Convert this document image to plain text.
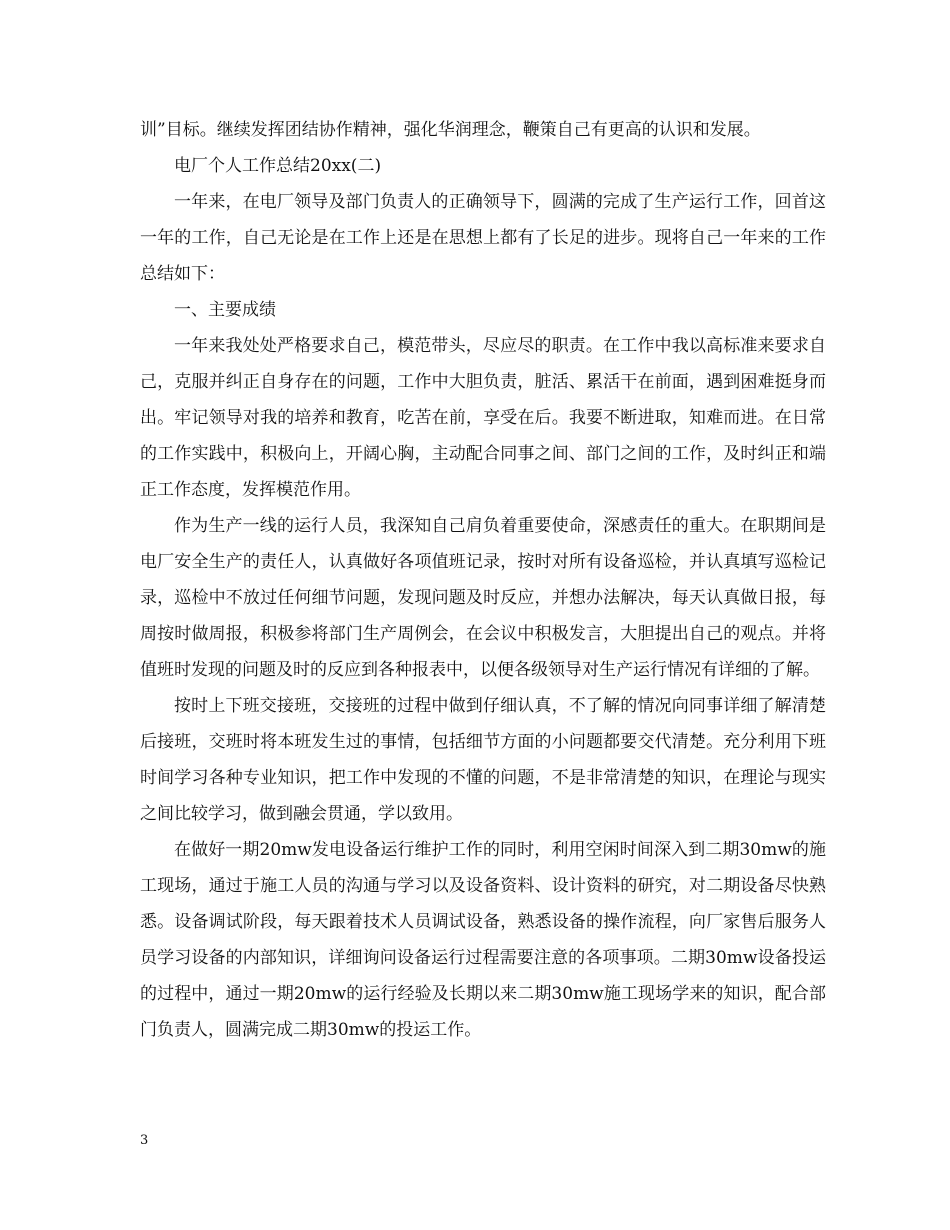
训”目标。继续发挥团结协作精神，强化华润理念，鞭策自己有更高的认识和发展。

电厂个人工作总结20xx(二)

一年来，在电厂领导及部门负责人的正确领导下，圆满的完成了生产运行工作，回首这一年的工作，自己无论是在工作上还是在思想上都有了长足的进步。现将自己一年来的工作总结如下：

一、主要成绩

一年来我处处严格要求自己，模范带头，尽应尽的职责。在工作中我以高标准来要求自己，克服并纠正自身存在的问题，工作中大胆负责，脏活、累活干在前面，遇到困难挺身而出。牢记领导对我的培养和教育，吃苦在前，享受在后。我要不断进取，知难而进。在日常的工作实践中，积极向上，开阔心胸，主动配合同事之间、部门之间的工作，及时纠正和端正工作态度，发挥模范作用。

作为生产一线的运行人员，我深知自己肩负着重要使命，深感责任的重大。在职期间是电厂安全生产的责任人，认真做好各项值班记录，按时对所有设备巡检，并认真填写巡检记录，巡检中不放过任何细节问题，发现问题及时反应，并想办法解决，每天认真做日报，每周按时做周报，积极参将部门生产周例会，在会议中积极发言，大胆提出自己的观点。并将值班时发现的问题及时的反应到各种报表中，以便各级领导对生产运行情况有详细的了解。

按时上下班交接班，交接班的过程中做到仔细认真，不了解的情况向同事详细了解清楚后接班，交班时将本班发生过的事情，包括细节方面的小问题都要交代清楚。充分利用下班时间学习各种专业知识，把工作中发现的不懂的问题，不是非常清楚的知识，在理论与现实之间比较学习，做到融会贯通，学以致用。

在做好一期20mw发电设备运行维护工作的同时，利用空闲时间深入到二期30mw的施工现场，通过于施工人员的沟通与学习以及设备资料、设计资料的研究，对二期设备尽快熟悉。设备调试阶段，每天跟着技术人员调试设备，熟悉设备的操作流程，向厂家售后服务人员学习设备的内部知识，详细询问设备运行过程需要注意的各项事项。二期30mw设备投运的过程中，通过一期20mw的运行经验及长期以来二期30mw施工现场学来的知识，配合部门负责人，圆满完成二期30mw的投运工作。

3
